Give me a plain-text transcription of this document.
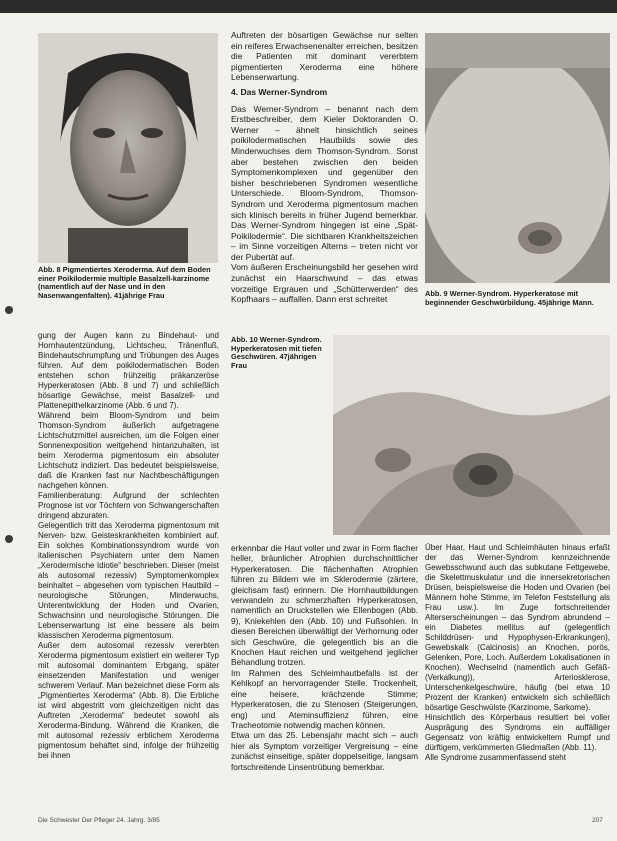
Abb. 8 Pigmentiertes Xeroderma. Auf dem Boden einer Poikilodermie multiple Basalzell-karzinome (namentlich auf der Nase und in den Nasenwangenfalten). 41jährige Frau	Abb. 9 Werner-Syndrom. Hyperkeratose mit beginnender Geschwürbildung. 45jährige Mann.

Auftreten der bösartigen Gewächse nur selten ein reiferes Erwachsenenalter erreichen, besitzen die Patienten mit dominant vererbtem pigmentierten Xeroderma eine höhere Lebenserwartung.

4. Das Werner-Syndrom

Das Werner-Syndrom – benannt nach dem Erstbeschreiber, dem Kieler Doktoranden O. Werner – ähnelt hinsichtlich seines poikilodermatischen Hautbilds sowie des Minderwuchses dem Thomson-Syndrom. Sonst aber bestehen zwischen den beiden Symptomenkomplexen und gegenüber den bisher beschriebenen Syndromen wesentliche Unterschiede. Bloom-Syndrom, Thomson-Syndrom und Xeroderma pigmentosum machen sich klinisch bereits in früher Jugend bemerkbar. Das Werner-Syndrom hingegen ist eine „Spät-Poikilodermie“. Die sichtbaren Krankheitszeichen – im Sinne vorzeitigen Alterns – treten nicht vor der Pubertät auf.

Vom äußeren Erscheinungsbild her gesehen wird zunächst ein Haarschwund – das etwas vorzeitige Ergrauen und „Schütterwerden“ des Kopfhaars – auffallen. Dann erst schreitet

gung der Augen kann zu Bindehaut- und Hornhautentzündung, Lichtscheu, Tränenfluß, Bindehautschrumpfung und Trübungen des Auges führen. Auf dem poikilodermatischen Boden entstehen schon frühzeitig präkanzeröse Hyperkeratosen (Abb. 8 und 7) und schließlich bösartige Gewächse, meist Basalzell- und Plattenepithelkarzinome (Abb. 6 und 7).

Während beim Bloom-Syndrom und beim Thomson-Syndrom äußerlich aufgetragene Lichtschutzmittel ausreichen, um die Folgen einer Sonnenexposition weitgehend hintanzuhalten, ist beim Xeroderma pigmentosum ein absoluter Lichtschutz indiziert. Das bedeutet beispielsweise, daß die Kranken fast nur Nachtbeschäftigungen nachgehen können.

Familienberatung: Aufgrund der schlechten Prognose ist vor Töchtern von Schwangerschaften dringend abzuraten.

Gelegentlich tritt das Xeroderma pigmentosum mit Nerven- bzw. Geisteskrankheiten kombiniert auf. Ein solches Kombinationssyndrom wurde von italienischen Psychiatern unter dem Namen „Xerodermische Idiotie“ beschrieben. Dieser (meist als autosomal rezessiv) Symptomenkomplex beinhaltet – abgesehen vom typischen Hautbild – neurologische Störungen, Minderwuchs, Unterentwicklung der Hoden und Ovarien, Schwachsinn und neurologische Störungen. Die Lebenserwartung ist eine bessere als beim klassischen Xeroderma pigmentosum.

Außer dem autosomal rezessiv vererbten Xeroderma pigmentosum existiert ein weiterer Typ mit autosomal dominantem Erbgang, später einsetzenden Manifestation und weniger schwerem Verlauf. Man bezeichnet diese Form als „Pigmentiertes Xeroderma“ (Abb. 8). Die Erbliche ist wird abgestritt vom gleichzeitigen nicht das Auftreten „Xeroderma“ bedeutet sowohl als Xeroderma-Bindung. Während die Kranken, die mit autosomal rezessiv erblichem Xeroderma pigmentosum behaftet sind, infolge der frühzeitig bei ihnen

Abb. 10 Werner-Syndrom. Hyperkeratosen mit tiefen Geschwüren. 47jährigen Frau

erkennbar die Haut voller und zwar in Form flacher heller, bräunlicher Atrophien durchschnittlicher Hyperkeratosen. Die flächenhaften Atrophien führen zu Bildern wie im Sklerodermie (zärtere, gleichsam fast) erinnern. Die Hornhautbildungen verwandeln zu schmerzhaften Hyperkeratosen, namentlich an Druckstellen wie Ellenbogen (Abb. 9), Kniekehlen den (Abb. 10) und Fußsohlen. In diesen Bereichen überwältigt der Verhornung oder sich Geschwüre, die gelegentlich bis an die Knochen Haut reichen und weitgehend jeglicher Behandlung trotzen.

Im Rahmen des Schleimhautbefalls ist der Kehlkopf an hervorragender Stelle. Trockenheit, eine heisere, krächzende Stimme; Hyperkeratosen, die zu Stenosen (Steigerungen, eng) und Ateminsuffizienz führen, eine Tracheotomie notwendig machen können.

Etwa um das 25. Lebensjahr macht sich – auch hier als Symptom vorzeitiger Vergreisung – eine zunächst einseitige, später doppelseitige, langsam fortschreitende Linsentrübung bemerkbar.

Über Haar, Haut und Schleimhäuten hinaus erfaßt der das Werner-Syndrom kennzeichnende Gewebsschwund auch das subkutane Fettgewebe, die Skelettmuskulatur und die innersekretorischen Drüsen, beispielsweise die Hoden und Ovarien (bei Männern hohe Stimme, im Telefon Feststellung als Frau usw.). Im Zuge fortschreitender Alterserscheinungen – das Syndrom abrundend – ein Diabetes mellitus auf (gelegentlich Schilddrüsen- und Hypophysen-Erkrankungen), Gewebskalk (Calcinosis) an Knochen, porös, Gelenken, Pore, Loch. Außerdem Lokalisationen in Knochen). Wechselnd (namentlich auch Gefäß- (Verkalkung)), Arteriosklerose, Unterschenkelgeschwüre, häufig (bei etwa 10 Prozent der Kranken) entwickeln sich schließlich bösartige Geschwülste (Karzinome, Sarkome).

Hinsichtlich des Körperbaus resultiert bei voller Ausprägung des Syndroms ein auffälliger Gegensatz von kräftig entwickeltem Rumpf und dürftigem, verkümmerten Gliedmaßen (Abb. 11).

Alle Syndrome zusammenfassend steht

Die Schwester Der Pfleger 24. Jahrg. 3/85	207
